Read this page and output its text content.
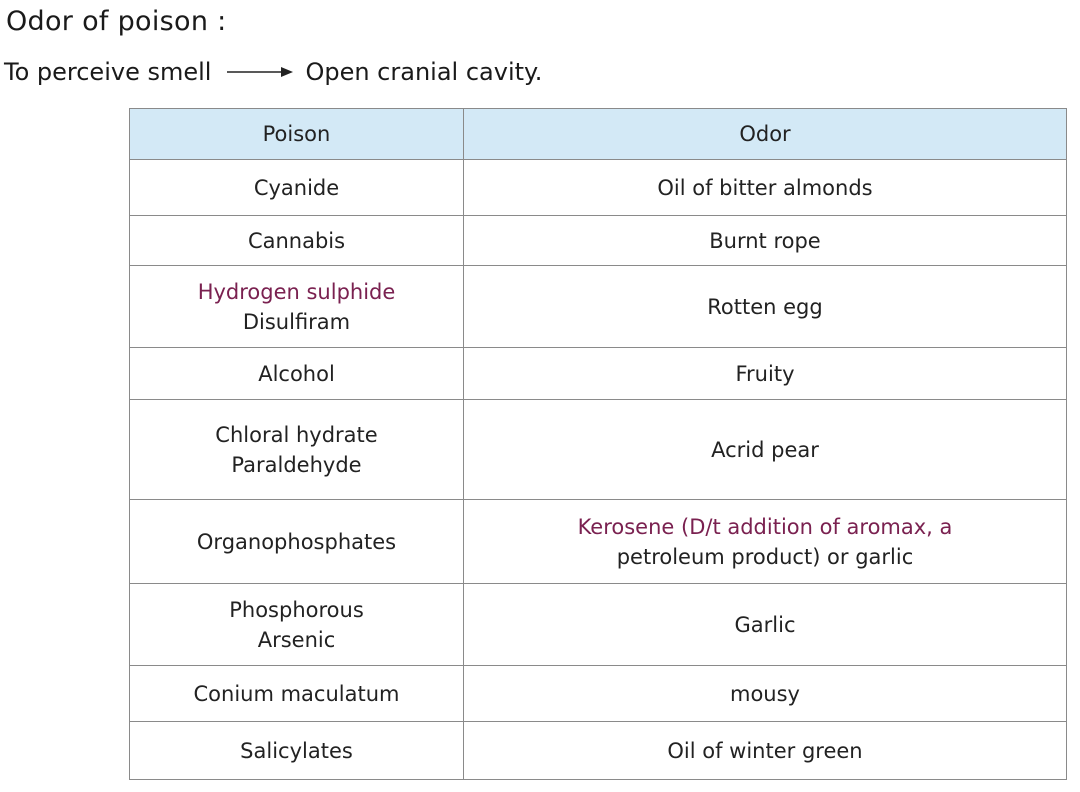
Odor of poison :
To perceive smell	Open cranial cavity.
Poison	Odor

Cyanide	Oil of bitter almonds

Cannabis	Burnt rope

Hydrogen sulphide
Disulfiram	Rotten egg

Alcohol	Fruity

Chloral hydrate
Paraldehyde	Acrid pear

Organophosphates	Kerosene (D/t addition of aromax, a
petroleum product) or garlic

Phosphorous
Arsenic	Garlic

Conium maculatum	mousy

Salicylates	Oil of winter green
